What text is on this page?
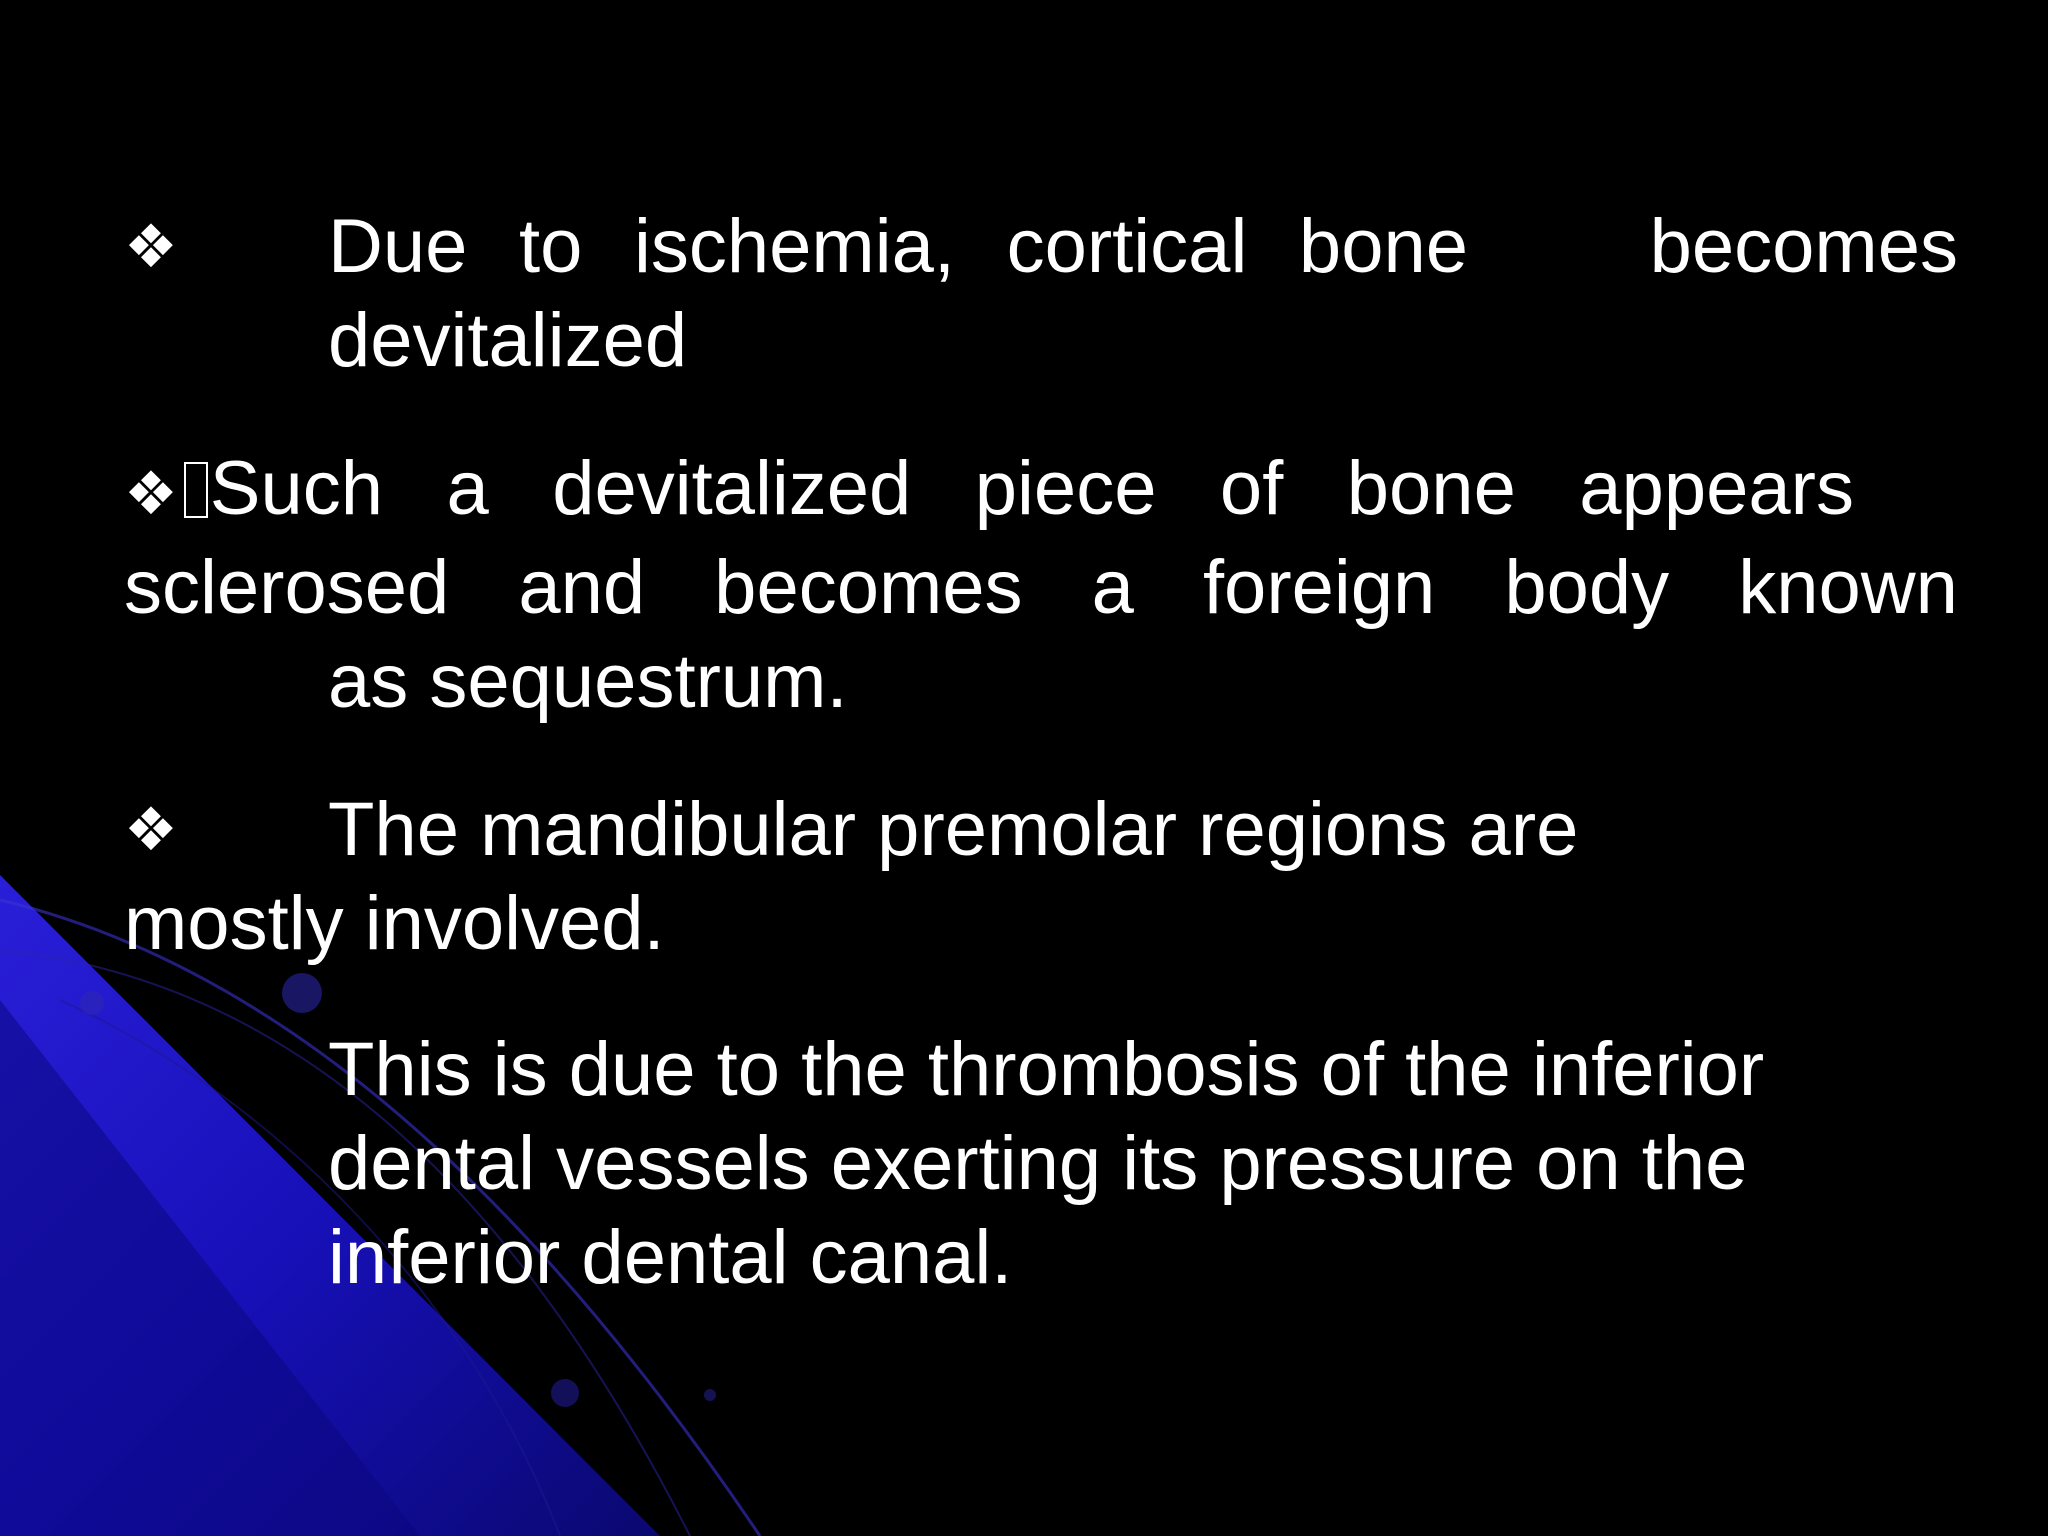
❖ Due to ischemia, cortical bone becomes
devitalized
❖ Such a devitalized piece of bone appears
sclerosed and becomes a foreign body known
as sequestrum.
❖	The mandibular premolar regions are
mostly involved.
This is due to the thrombosis of the inferior
dental vessels exerting its pressure on the
inferior dental canal.
